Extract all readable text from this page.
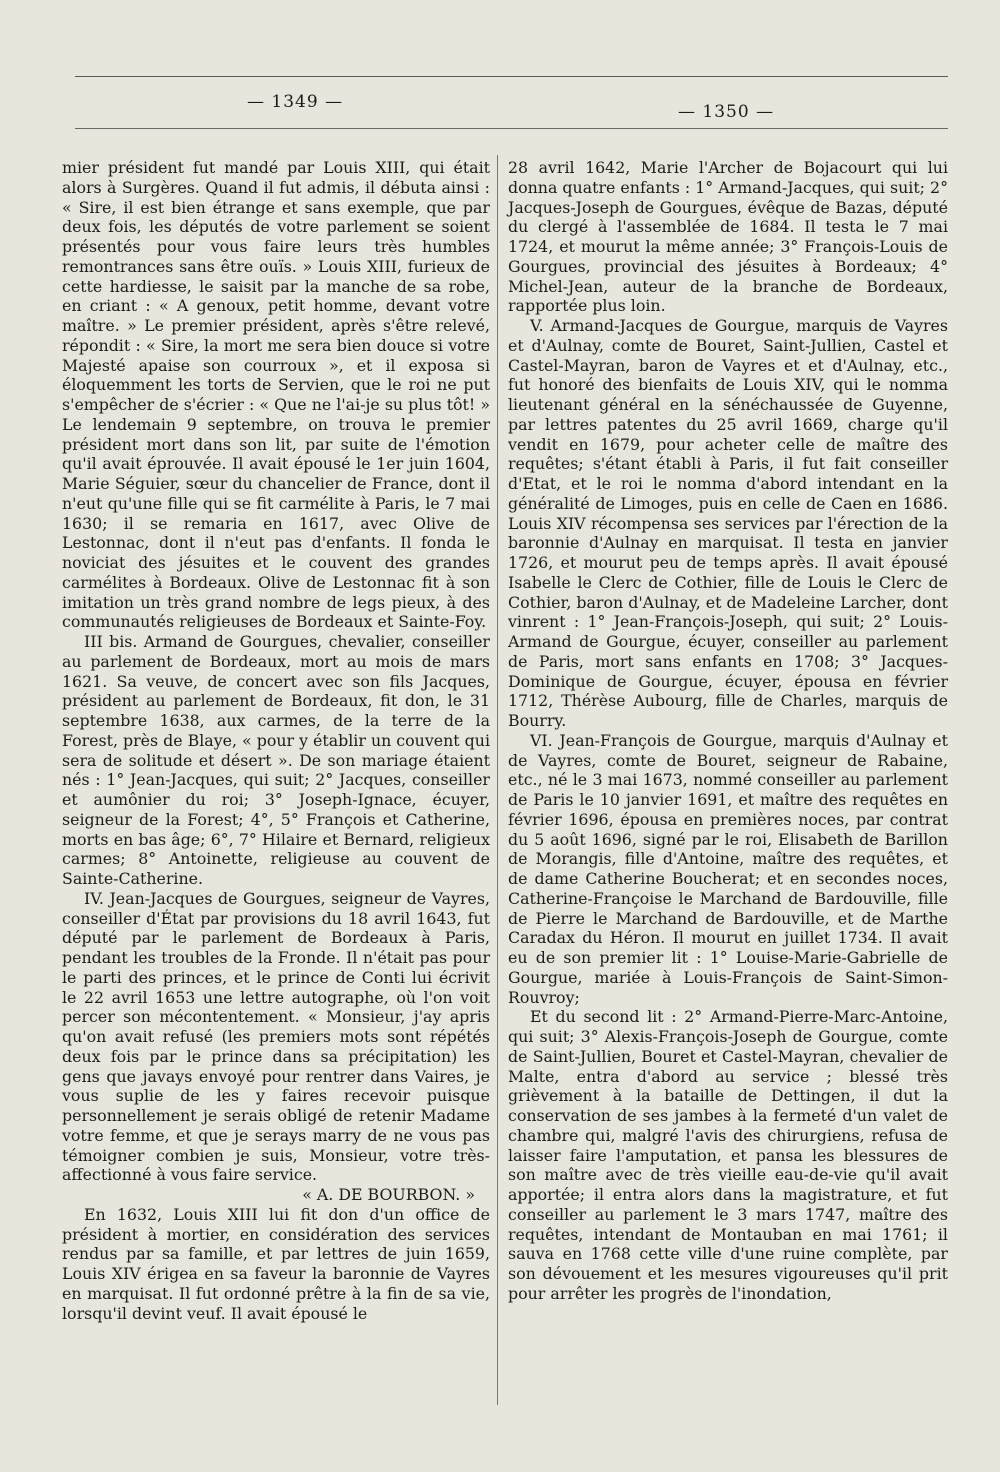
— 1349 —	— 1350 —

mier président fut mandé par Louis XIII, qui était alors à Surgères. Quand il fut admis, il débuta ainsi : « Sire, il est bien étrange et sans exemple, que par deux fois, les députés de votre parlement se soient présentés pour vous faire leurs très humbles remontrances sans être ouïs. » Louis XIII, furieux de cette hardiesse, le saisit par la manche de sa robe, en criant : « A genoux, petit homme, devant votre maître. » Le premier président, après s'être relevé, répondit : « Sire, la mort me sera bien douce si votre Majesté apaise son courroux », et il exposa si éloquemment les torts de Servien, que le roi ne put s'empêcher de s'écrier : « Que ne l'ai-je su plus tôt! » Le lendemain 9 septembre, on trouva le premier président mort dans son lit, par suite de l'émotion qu'il avait éprouvée. Il avait épousé le 1er juin 1604, Marie Séguier, sœur du chancelier de France, dont il n'eut qu'une fille qui se fit carmélite à Paris, le 7 mai 1630; il se remaria en 1617, avec Olive de Lestonnac, dont il n'eut pas d'enfants. Il fonda le noviciat des jésuites et le couvent des grandes carmélites à Bordeaux. Olive de Lestonnac fit à son imitation un très grand nombre de legs pieux, à des communautés religieuses de Bordeaux et Sainte-Foy.

III bis. Armand de Gourgues, chevalier, conseiller au parlement de Bordeaux, mort au mois de mars 1621. Sa veuve, de concert avec son fils Jacques, président au parlement de Bordeaux, fit don, le 31 septembre 1638, aux carmes, de la terre de la Forest, près de Blaye, « pour y établir un couvent qui sera de solitude et désert ». De son mariage étaient nés : 1° Jean-Jacques, qui suit; 2° Jacques, conseiller et aumônier du roi; 3° Joseph-Ignace, écuyer, seigneur de la Forest; 4°, 5° François et Catherine, morts en bas âge; 6°, 7° Hilaire et Bernard, religieux carmes; 8° Antoinette, religieuse au couvent de Sainte-Catherine.

IV. Jean-Jacques de Gourgues, seigneur de Vayres, conseiller d'État par provisions du 18 avril 1643, fut député par le parlement de Bordeaux à Paris, pendant les troubles de la Fronde. Il n'était pas pour le parti des princes, et le prince de Conti lui écrivit le 22 avril 1653 une lettre autographe, où l'on voit percer son mécontentement. « Monsieur, j'ay apris qu'on avait refusé (les premiers mots sont répétés deux fois par le prince dans sa précipitation) les gens que javays envoyé pour rentrer dans Vaires, je vous suplie de les y faires recevoir puisque personnellement je serais obligé de retenir Madame votre femme, et que je serays marry de ne vous pas témoigner combien je suis, Monsieur, votre très-affectionné à vous faire service.

« A. DE BOURBON. »

En 1632, Louis XIII lui fit don d'un office de président à mortier, en considération des services rendus par sa famille, et par lettres de juin 1659, Louis XIV érigea en sa faveur la baronnie de Vayres en marquisat. Il fut ordonné prêtre à la fin de sa vie, lorsqu'il devint veuf. Il avait épousé le

28 avril 1642, Marie l'Archer de Bojacourt qui lui donna quatre enfants : 1° Armand-Jacques, qui suit; 2° Jacques-Joseph de Gourgues, évêque de Bazas, député du clergé à l'assemblée de 1684. Il testa le 7 mai 1724, et mourut la même année; 3° François-Louis de Gourgues, provincial des jésuites à Bordeaux; 4° Michel-Jean, auteur de la branche de Bordeaux, rapportée plus loin.

V. Armand-Jacques de Gourgue, marquis de Vayres et d'Aulnay, comte de Bouret, Saint-Jullien, Castel et Castel-Mayran, baron de Vayres et et d'Aulnay, etc., fut honoré des bienfaits de Louis XIV, qui le nomma lieutenant général en la sénéchaussée de Guyenne, par lettres patentes du 25 avril 1669, charge qu'il vendit en 1679, pour acheter celle de maître des requêtes; s'étant établi à Paris, il fut fait conseiller d'Etat, et le roi le nomma d'abord intendant en la généralité de Limoges, puis en celle de Caen en 1686. Louis XIV récompensa ses services par l'érection de la baronnie d'Aulnay en marquisat. Il testa en janvier 1726, et mourut peu de temps après. Il avait épousé Isabelle le Clerc de Cothier, fille de Louis le Clerc de Cothier, baron d'Aulnay, et de Madeleine Larcher, dont vinrent : 1° Jean-François-Joseph, qui suit; 2° Louis-Armand de Gourgue, écuyer, conseiller au parlement de Paris, mort sans enfants en 1708; 3° Jacques-Dominique de Gourgue, écuyer, épousa en février 1712, Thérèse Aubourg, fille de Charles, marquis de Bourry.

VI. Jean-François de Gourgue, marquis d'Aulnay et de Vayres, comte de Bouret, seigneur de Rabaine, etc., né le 3 mai 1673, nommé conseiller au parlement de Paris le 10 janvier 1691, et maître des requêtes en février 1696, épousa en premières noces, par contrat du 5 août 1696, signé par le roi, Elisabeth de Barillon de Morangis, fille d'Antoine, maître des requêtes, et de dame Catherine Boucherat; et en secondes noces, Catherine-Françoise le Marchand de Bardouville, fille de Pierre le Marchand de Bardouville, et de Marthe Caradax du Héron. Il mourut en juillet 1734. Il avait eu de son premier lit : 1° Louise-Marie-Gabrielle de Gourgue, mariée à Louis-François de Saint-Simon-Rouvroy;

Et du second lit : 2° Armand-Pierre-Marc-Antoine, qui suit; 3° Alexis-François-Joseph de Gourgue, comte de Saint-Jullien, Bouret et Castel-Mayran, chevalier de Malte, entra d'abord au service ; blessé très grièvement à la bataille de Dettingen, il dut la conservation de ses jambes à la fermeté d'un valet de chambre qui, malgré l'avis des chirurgiens, refusa de laisser faire l'amputation, et pansa les blessures de son maître avec de très vieille eau-de-vie qu'il avait apportée; il entra alors dans la magistrature, et fut conseiller au parlement le 3 mars 1747, maître des requêtes, intendant de Montauban en mai 1761; il sauva en 1768 cette ville d'une ruine complète, par son dévouement et les mesures vigoureuses qu'il prit pour arrêter les progrès de l'inondation,
